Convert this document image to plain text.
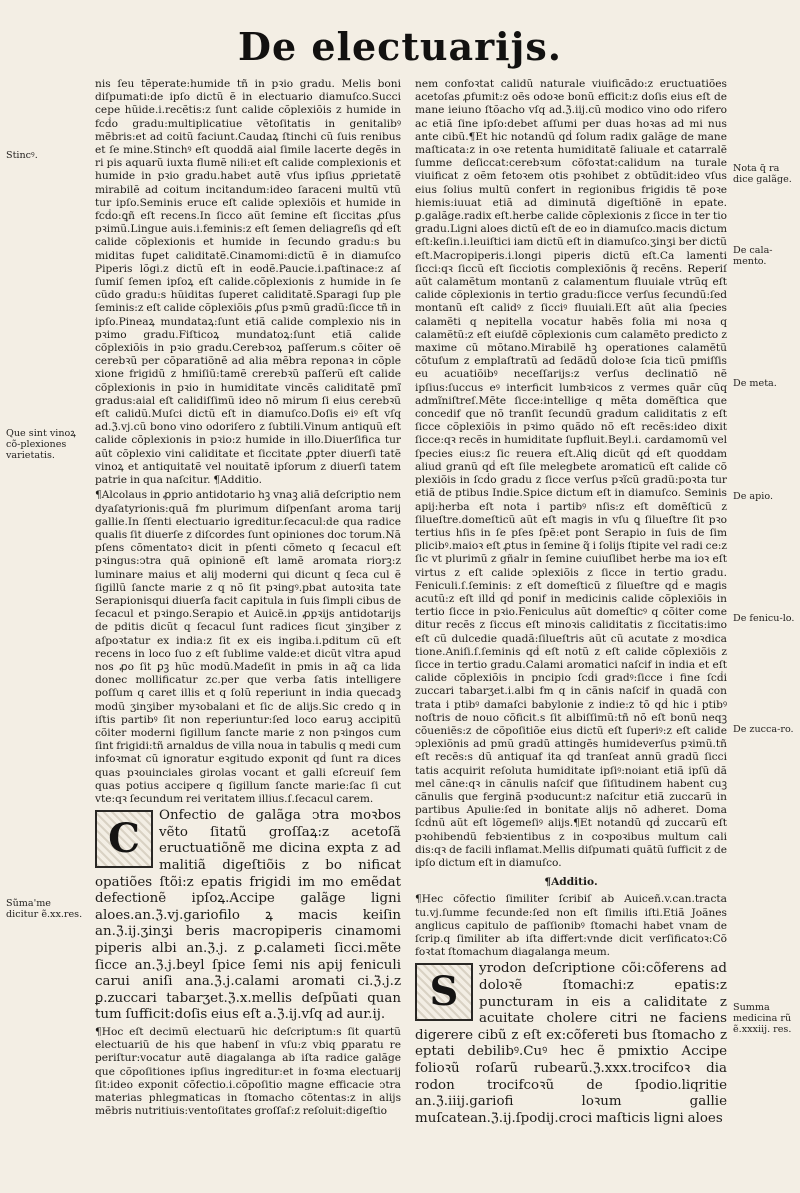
De electuarijs.
Stincꝰ.
Que sint vinoꝝ cõ-plexiones varietatis.
Sũma'me dicitur ẽ.xx.res.
Nota q̃ ra dice galãge.
De cala-mento.
De meta.
De apio.
De fenicu-lo.
De zucca-ro.
Summa medicina rũ ẽ.xxxiij. res.

nis ſeu tẽperate:humide tñ in pꝛio gradu. Melis boni diſpumati:de ipſo dictũ ẽ in electuario diamuſco.Succi cepe hũide.i.recẽtis:z ſunt calide cõplexiõis z humide in fcḋo gradu:multiplicatiue vẽtoſitatis in genitalibꝰ mẽbris:et ad coitũ faciunt.Caudaꝝ ſtinchi cũ ſuis renibus et ſe mine.Stinchꝰ eſt quoddã aial ſimile lacerte degẽs in ri pis aquarũ iuxta flumẽ nili:et eſt calide complexionis et humide in pꝛio gradu.habet autẽ vſus ipſius ꝓprietatẽ mirabilẽ ad coitum incitandum:ideo ſaraceni multũ vtũ tur ipſo.Seminis eruce eſt calide ↄplexiõis et humide in fcḋo:ꝗñ eſt recens.In ſicco aũt ſemine eſt ſiccitas ꝓſus pꝛimũ.Lingue auis.i.feminis:z eſt ſemen deliagreſis qḋ eſt calide cõplexionis et humide in ſecundo gradu:s bu miditas fuꝑet caliditatẽ.Cinamomi:dictũ ẽ in diamuſco Piperis lõgi.z dictũ eſt in eodẽ.Paucie.i.paſtinace:z aſ ſumiſ ſemen ipſoꝝ eſt calide.cõplexionis z humide in ſe cũdo gradu:s hũiditas ſuperet caliditatẽ.Sparagi ſup ple ſeminis:z eſt calide cõplexiõis ꝓſus pꝛmũ gradũ:ſicce tñ in ipſo.Pineaꝝ mundataꝝ:ſunt etiã calide complexio nis in pꝛimo gradu.Fiſticoꝝ mundatoꝝ:ſunt etiã calide cõplexiõis in pꝛio gradu.Cerebꝛoꝝ paſſerum.s cõiter oẽ cerebꝛũ per cõparatiõnẽ ad alia mẽbra reponaꝛ in cõple xione frigidũ z hmiſiũ:tamẽ crerebꝛũ paſſerũ eſt calide cõplexionis in pꝛio in humiditate vincẽs caliditatẽ pmĩ gradus:aial eſt calidiſſimũ ideo nõ mirum ſi eius cerebꝛũ eſt calidũ.Muſci dictũ eſt in diamuſco.Doſis eiꝰ eſt vſq ad.ℨ.vj.cũ bono vino odoriſero z ſubtili.Vinum antiquũ eſt calide cõplexionis in pꝛio:z humide in illo.Diuerſifica tur aũt cõplexio vini caliditate et ſiccitate ꝓpter diuerſi tatẽ vinoꝝ et antiquitatẽ vel nouitatẽ ipſorum z diuerſi tatem patrie in qua naſcitur. ¶Additio.

¶Alcolaus in ꝓprio antidotario hꝫ vnaꝫ aliã deſcriptio nem dyaſatyrionis:quã fm plurimum diſpenſant aroma tarij gallie.In ſſenti electuario igreditur.ſecacul:de qua radice qualis ſit diuerſe z diſcordes ſunt opiniones doc torum.Nã pſens cõmentatoꝛ dicit in pſenti cõmeto q ſecacul eſt pꝛingus:ↄtra quã opinionẽ eſt lamẽ aromata riorꝫ:z luminare maius et alij moderni qui dicunt q ſeca cul ẽ ſigillũ ſancte marie z q nõ ſit pꝛingꝰ.pbat autoꝛita tate Serapionisqui diuerſa facit capitula in ſuis ſimpli cibus de ſecacul et pꝛingo.Serapio et Auicẽ.in ꝓpꝛijs antidotarijs de pditis dicũt q ſecacul ſunt radices ſicut ʒinʒiber z aſpoꝛtatur ex india:z ſit ex eis ingiba.i.pditum cũ eſt recens in loco ſuo z eſt ſublime valde:et dicũt vltra apud nos ꝓo ſit ꝑꝫ hũc modũ.Madeſit in pmis in aq̃ ca lida donec mollificatur zc.per que verba ſatis intelligere poſſum q caret illis et q ſolũ reperiunt in india quecadꝫ modũ ʒinʒiber myꝛobalani et ſic de alijs.Sic credo q in iſtis partibꝰ ſit non reperiuntur:ſed loco earuꝫ accipitũ cõiter moderni ſigillum ſancte marie z non pꝛingos cum ſint frigidi:tñ arnaldus de villa noua in tabulis q medi cum infoꝛmat cũ ignoratur eꝛgitudo exponit qḋ ſunt ra dices quas pꝛouinciales girolas vocant et galli eſcreuiſ ſem quas potius accipere q ſigillum ſancte marie:ſac ſi cut vte:qꝛ ſecundum rei veritatem illius.ſ.ſecacul carem.

C	Onfectio de galãga ↄtra moꝛbos vẽto ſitatũ groſſaꝝ:z acetoſã eructuatiõnẽ me dicina expta z ad malitiã digeſtiõis z bo nificat opatiões ſtõi:z epatis frigidi im mo emẽdat defectionẽ ipſoꝝ.Accipe galãge ligni aloes.an.ℨ.vj.gariofilo ꝝ macis keiſin an.ℨ.ij.ʒinʒi beris macropiperis cinamomi piperis albi an.ℨ.j. z ꝑ.calameti ſicci.mẽte ſicce an.ℨ.j.beyl ſpice ſemi nis apij feniculi carui aniſi ana.ℨ.j.calami aromati ci.ℨ.j.z ꝑ.zuccari tabarʒet.ℨ.x.mellis deſpũati quan tum ſufficit:doſis eius eſt a.ℨ.ij.vſq ad aur.ij.

¶Hoc eſt decimũ electuarũ hic deſcriptum:s ſit quartũ electuariũ de his que habenſ in vſu:z vbiq ꝑparatu re periſtur:vocatur autẽ diagalanga ab iſta radice galãge que cõpoſitiones ipſius ingreditur:et in foꝛma electuarij ſit:ideo exponit cõfectio.i.cõpoſitio magne efficacie ↄtra materias phlegmaticas in ſtomacho cõtentas:z in alijs mẽbris nutritiuis:ventoſitates groſſaſ:z reſoluit:digeſtio

nem confoꝛtat calidũ naturale viuificãdo:z eructuatiões acetoſas ꝓfumit:z oẽs odoꝛe bonũ efficit:z doſis eius eſt de mane ieiuno ſtõacho vſq ad.ℨ.iij.cũ modico vino odo rifero ac etiã ſine ipſo:debet aſſumi per duas hoꝛas ad mi nus ante cibũ.¶Et hic notandũ qḋ ſolum radix galãge de mane maſticata:z in oꝛe retenta humiditatẽ ſaliuale et catarralẽ ſumme deſiccat:cerebꝛum cõfoꝛtat:calidum na turale viuificat z oẽm fetoꝛem otis pꝛohibet z obtũdit:ideo vſus eius ſolius multũ confert in regionibus frigidis tẽ poꝛe hiemis:iuuat etiã ad diminutã digeſtiõnẽ in epate. ꝑ.galãge.radix eſt.herbe calide cõplexionis z ſicce in ter tio gradu.Ligni aloes dictũ eſt de eo in diamuſco.macis dictum eſt:keſin.i.leuiſtici iam dictũ eſt in diamuſco.ʒinʒi ber dictũ eſt.Macropiperis.i.longi piperis dictũ eſt.Ca lamenti ſicci:qꝛ ſiccũ eſt ſicciotis complexiõnis q̃ recẽns. Reperiſ aũt calamẽtum montanũ z calamentum fluuiale vtrũq eſt calide cõplexionis in tertio gradu:ſicce verſus ſecundũ:ſed montanũ eſt calidꝰ z ſicciꝰ fluuiali.Eſt aũt alia ſpecies calamẽti q nepitella vocatur habẽs folia mi noꝛa q calamẽtũ:z eſt eiuſdẽ cõplexionis cum calamẽto predicto z maxime cũ mõtano.Mirabilẽ hꝫ operationes calamẽtũ cõtuſum z emplaſtratũ ad ſedãdũ doloꝛe ſcia ticũ pmiſſis eu acuatiõibꝰ neceſſarijs:z verſus declinatiõ nẽ ipſius:ſuccus eꝰ interficit lumbꝛicos z vermes quãr cũq admĩniſtreſ.Mẽte ſicce:intellige q mẽta domẽſtica que concedif que nõ tranſit ſecundũ gradum caliditatis z eſt ſicce cõplexiõis in pꝛimo quãdo nõ eſt recẽs:ideo dixit ſicce:qꝛ recẽs in humiditate ſupfluit.Beyl.i. cardamomũ vel ſpecies eius:z ſic reuera eſt.Aliꝗ dicũt qḋ eſt quoddam aliud granũ qḋ eſt ſile melegbete aromaticũ eſt calide cõ plexiõis in ſcḋo gradu z ſicce verſus pꝛĩcũ gradũ:poꝛta tur etiã de ptibus Indie.Spice dictum eſt in diamuſco. Seminis apij:herba eſt nota i partibꝰ nſis:z eſt domẽſticũ z ſilueſtre.domeſticũ aũt eſt magis in vſu ꝗ ſilueſtre ſit pꝛo tertius hſis in ſe pſes ſpẽ:et pont Serapio in ſuis de ſim plicibꝰ.maioꝛ eſt ꝓtus in ſemine q̃ i ſolijs ſtipite vel radi ce:z ſic vt plurimũ z gñalr in ſemine cuiuſlibet herbe ma ioꝛ eſt virtus z eſt calide ↄplexiõis z ſicce in tertio gradu. Feniculi.ſ.ſeminis: z eſt domeſticũ z ſilueſtre qḋ e magis acutũ:z eſt illḋ qḋ ponif in medicinis calide cõplexiõis in tertio ſicce in pꝛio.Feniculus aũt domeſticꝰ q cõiter come ditur recẽs z ſiccus eſt minoꝛis caliditatis z ſiccitatis:imo eſt cũ dulcedie quadã:ſilueſtris aũt cũ acutate z moꝛdica tione.Aniſi.ſ.ſeminis qḋ eſt notũ z eſt calide cõplexiõis z ſicce in tertio gradu.Calami aromatici naſcif in india et eſt calide cõplexiõis in pncipio ſcḋi gradꝰ:ſicce i fine ſcḋi zuccari tabarʒet.i.albi fm q in cãnis naſcif in quadã con trata i ptibꝰ damaſci babylonie z indie:z tõ qḋ hic i ptibꝰ noſtris de nouo cõficit.s ſit albiſſimũ:tñ nõ eſt bonũ neqꝫ cõueniẽs:z de cõpoſitiõe eius dictũ eſt ſuperiꝰ:z eſt calide ↄplexiõnis ad pmũ gradũ attingẽs humideverſus pꝛimũ.tñ eſt recẽs:s dũ antiquaf ita qḋ tranſeat annũ gradũ ſicci tatis acquirit reſoluta humiditate ipſiꝰ:noiant etiã ipſũ dã mel cãne:qꝛ in cãnulis naſcif que ſiſitudinem habent cuꝫ cãnulis que ferginã pꝛoducunt:z naſcitur etiã zuccarũ in partibus Apulie:ſed in bonitate alijs nõ adheret. Doma ſcḋnũ aũt eſt lõgemeſiꝰ alijs.¶Et notandũ qḋ zuccarũ eſt pꝛohibendũ febꝛientibus z in coꝛpoꝛibus multum cali dis:qꝛ de facili inflamat.Mellis diſpumati quãtũ ſufficit z de ipſo dictum eſt in diamuſco.

¶Additio.

¶Hec cõfectio ſimiliter ſcribiſ ab Auiceñ.v.can.tracta tu.vj.ſumme fecunde:ſed non eſt ſimilis iſti.Etiã Joãnes anglicus capitulo de paſſionibꝰ ſtomachi habet vnam de ſcrip.q ſimiliter ab iſta differt:vnde dicit verſificatoꝛ:Cõ foꝛtat ſtomachum diagalanga meum.

S	yrodon deſcriptione cõi:cõferens ad doloꝛẽ ſtomachi:z epatis:z puncturam in eis a caliditate z acuitate cholere citri ne faciens digerere cibũ z eſt ex:cõfereti bus ſtomacho z eptati debilibꝰ.Cuꝰ hec ẽ pmixtio Accipe folioꝛũ roſarũ rubearũ.ℨ.xxx.trocifcoꝛ dia rodon trocifcoꝛũ de ſpodio.liqritie an.ℨ.iiij.gariofi loꝛum gallie muſcatean.ℨ.ij.ſpodij.croci maſticis ligni aloes
